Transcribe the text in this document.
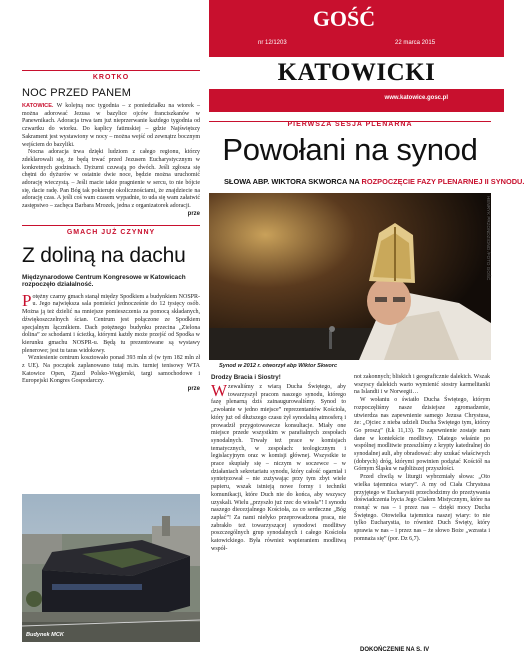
KROTKO
NOC PRZED PANEM

KATOWICE. W kolejną noc tygodnia – z poniedziałku na wtorek – można adorować Jezusa w bazylice ojców franciszkanów w Panewnikach. Adoracja trwa tam już nieprzerwanie każdego tygodnia od czwartku do wtorku. Do kaplicy fatimskiej – gdzie Najświętszy Sakrament jest wystawiony w nocy – można wejść od zewnątrz bocznym wejściem do bazyliki.

Nocna adoracja trwa dzięki ludziom z całego regionu, którzy zdeklarowali się, że będą trwać przed Jezusem Eucharystycznym w konkretnych godzinach. Dyżurni czuwają po dwóch. Jeśli zgłosza się chętni do dyżurów w ostatnie dwie noce, będzie można uruchomić adorację wieczystą. – Jeśli macie takie pragnienie w sercu, to nie bójcie się, dacie radę. Pan Bóg tak pokieruje okolicznościami, że znajdziecie na adorację czas. A jeśli coś wam czasem wypadnie, to uda się wam załatwić zastępstwo – zachęca Barbara Mrozek, jedna z organizatorek adoracji.

prze
GMACH JUŻ CZYNNY
Z doliną na dachu
Międzynarodowe Centrum Kongresowe w Katowicach rozpoczęło działalność.

Potężny czarny gmach stanął między Spodkiem a budynkiem NOSPR-u. Jego największa sala pomieści jednocześnie do 12 tysięcy osób. Można ją też dzielić na mniejsze pomieszczenia za pomocą składanych, dźwiękoszczelnych ścian. Centrum jest połączone ze Spodkiem specjalnym łącznikiem. Dach potężnego budynku przecina „Zielona dolina” ze schodami i ścieżką, którymi każdy może przejść od Spodka w kierunku gmachu NOSPR-u. Będą tu prezentowane są wystawy plenerowe; jest tu taras widokowy.

Wzniesienie centrum kosztowało ponad 393 mln zł (w tym 182 mln zł z UE). Na początek zaplanowano tutaj m.in. turniej tenisowy WTA Katowice Open, Zjazd Polsko-Węgierski, targi samochodowe i Europejski Kongres Gospodarczy.

prze
Budynek MCK
nr 12/1203
GOŚĆ
22 marca 2015
KATOWICKI
www.katowice.gosc.pl
PIERWSZA SESJA PLENARNA
Powołani na synod
SŁOWA ABP. WIKTORA SKWORCA NA ROZPOCZĘCIE FAZY PLENARNEJ II SYNODU.
HENRYK PRZONDZIONO /FOTO GOŚĆ
Synod w 2012 r. otworzył abp Wiktor Skworc
Drodzy Bracia i Siostry!

Wzewaliśmy z wiarą Ducha Świętego, aby towarzyszył pracom naszego synodu, którego fazę plenarną dziś zainaugurowaliśmy. Synod to „zwołanie w jedno miejsce” reprezentantów Kościoła, który już od dłuższego czasu żył synodalną atmosferą i prowadził przygotowawcze konsultacje. Miały one miejsce przede wszystkim w parafialnych zespołach synodalnych. Trwały też prace w komisjach tematycznych, w zespołach: teologicznym i legislacyjnym oraz w komisji głównej. Wszystkie te prace skupiały się – niczym w soczewce – w działaniach sekretariatu synodu, który całość ogarniał i syntetyzował – nie zużywając przy tym zbyt wiele papieru, wszak istnieją nowe formy i techniki komunikacji, które Duch nie do końca, aby wszyscy uzyskali. Wielu „przyszło już rzec do wiosła”! I synodu naszego diecezjalnego Kościoła, za co serdeczne „Bóg zapłać”! Za nami niełyko przeprowadzona praca, nie zabrakło też towarzyszącej synodowi modlitwy poszczególnych grup synodalnych i całego Kościoła katowickiego. Była również wspieraniem modlitwą współ-

not zakonnych; bliskich i geograficznie dalekich. Wszak wszyscy dalekich warto wymienić siostry karmelitanki na Islandii i w Norwegii…

W wołaniu o światło Ducha Świętego, którym rozpoczęliśmy nasze dzisiejsze zgromadzenie, utwierdza nas zapewnienie samego Jezusa Chrystusa, że: „Ojciec z nieba udzieli Ducha Świętego tym, którzy Go proszą” (Łk 11,13). To zapewnienie zostaje nam dane w kontekście modlitwy. Dlatego właśnie po wspólnej modlitwie przeszliśmy z krypty katedralnej do synodalnej auli, aby obradować: aby szukać właściwych (dobrych) dróg, którymi powinien podążać Kościół na Górnym Śląsku w najbliższej przyszłości.

Przed chwilą w liturgii wybrzmiały słowa: „Oto wielka tajemnica wiary”. A my od Ciała Chrystusa przyjętego w Eucharystii przechodzimy do przeżywania doświadczenia bycia Jego Ciałem Mistycznym, które na rosnąć w nas – i przez nas – dzięki mocy Ducha Świętego. Otowielka tajemnica naszej wiary: to nie tylko Eucharystia, to również Duch Święty, który sprawia w nas – i przez nas – że słowo Boże „wzrasta i pomnaża się” (por. Dz 6,7).

DOKOŃCZENIE NA S. IV
